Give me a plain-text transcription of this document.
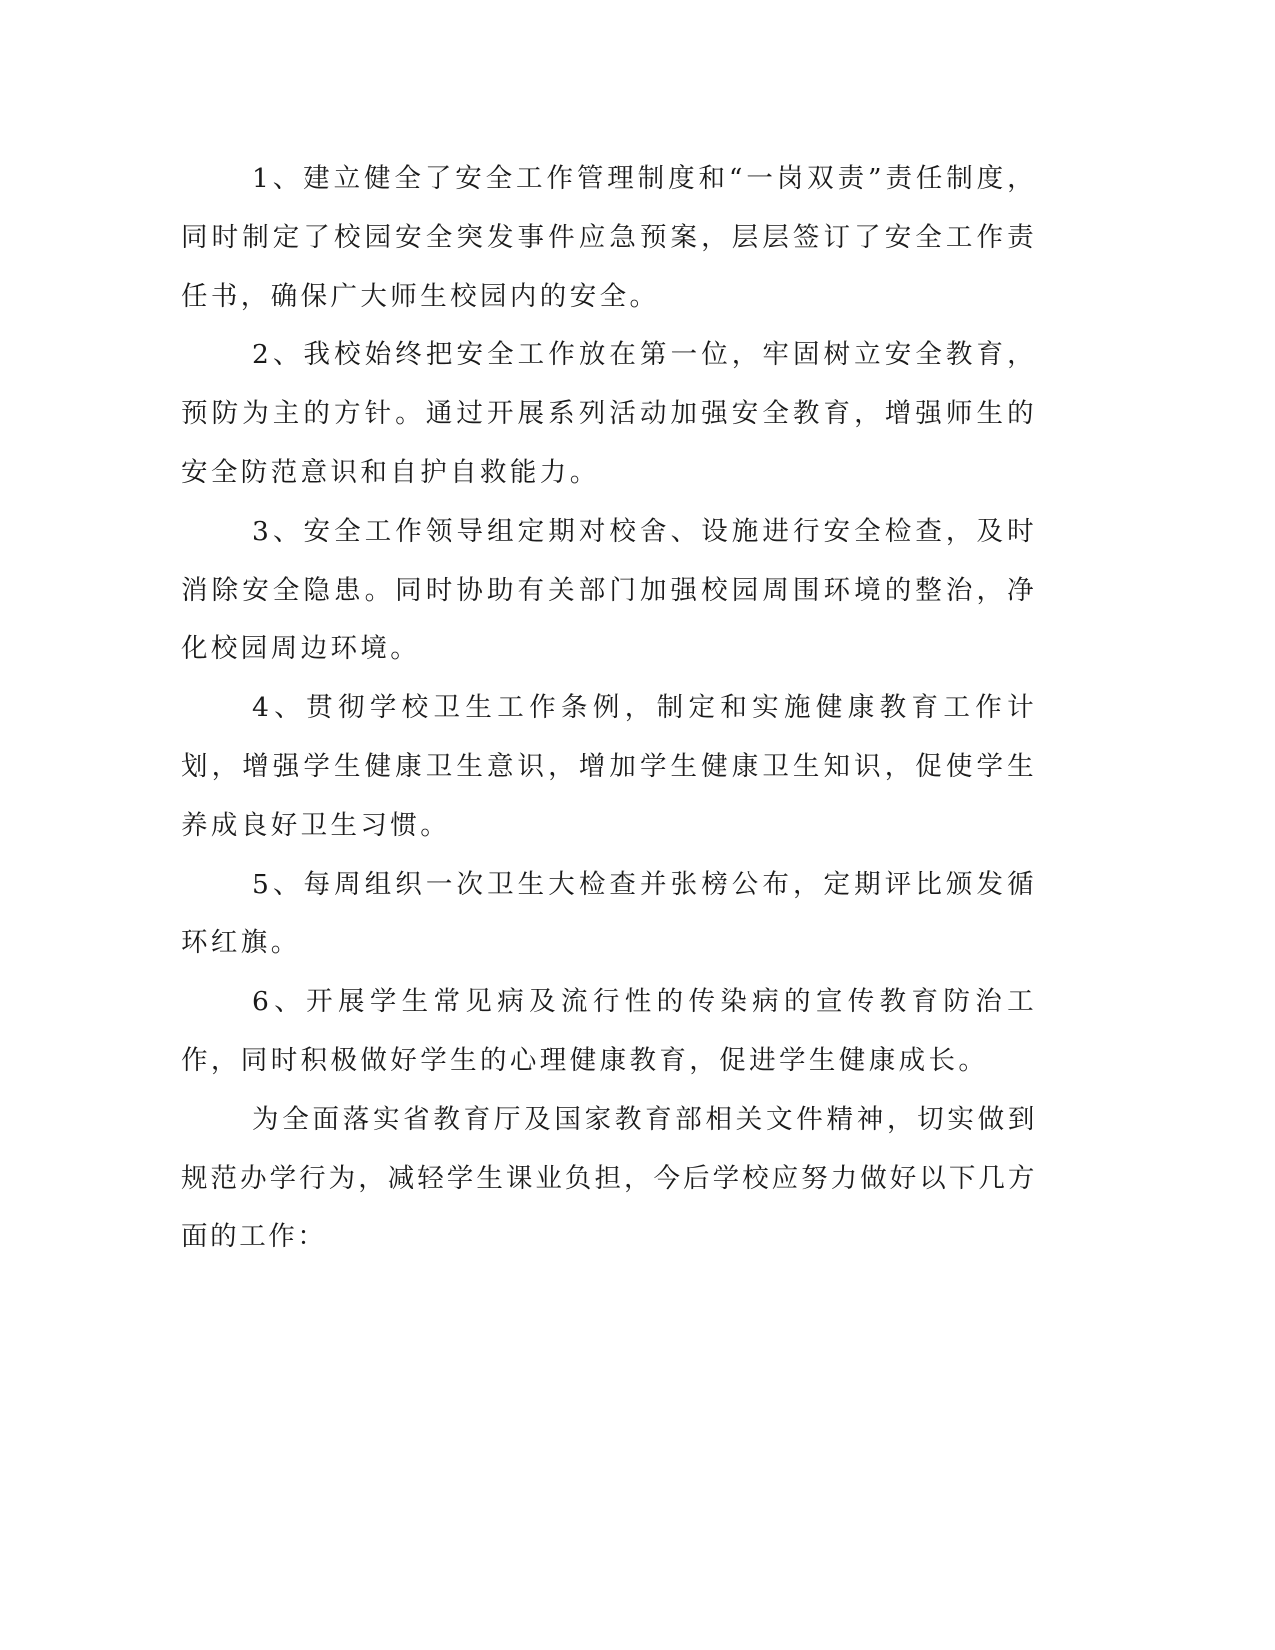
1、建立健全了安全工作管理制度和“一岗双责”责任制度，同时制定了校园安全突发事件应急预案，层层签订了安全工作责任书，确保广大师生校园内的安全。

2、我校始终把安全工作放在第一位，牢固树立安全教育，预防为主的方针。通过开展系列活动加强安全教育，增强师生的安全防范意识和自护自救能力。

3、安全工作领导组定期对校舍、设施进行安全检查，及时消除安全隐患。同时协助有关部门加强校园周围环境的整治，净化校园周边环境。

4、贯彻学校卫生工作条例，制定和实施健康教育工作计划，增强学生健康卫生意识，增加学生健康卫生知识，促使学生养成良好卫生习惯。

5、每周组织一次卫生大检查并张榜公布，定期评比颁发循环红旗。

6、开展学生常见病及流行性的传染病的宣传教育防治工作，同时积极做好学生的心理健康教育，促进学生健康成长。

为全面落实省教育厅及国家教育部相关文件精神，切实做到规范办学行为，减轻学生课业负担，今后学校应努力做好以下几方面的工作：
